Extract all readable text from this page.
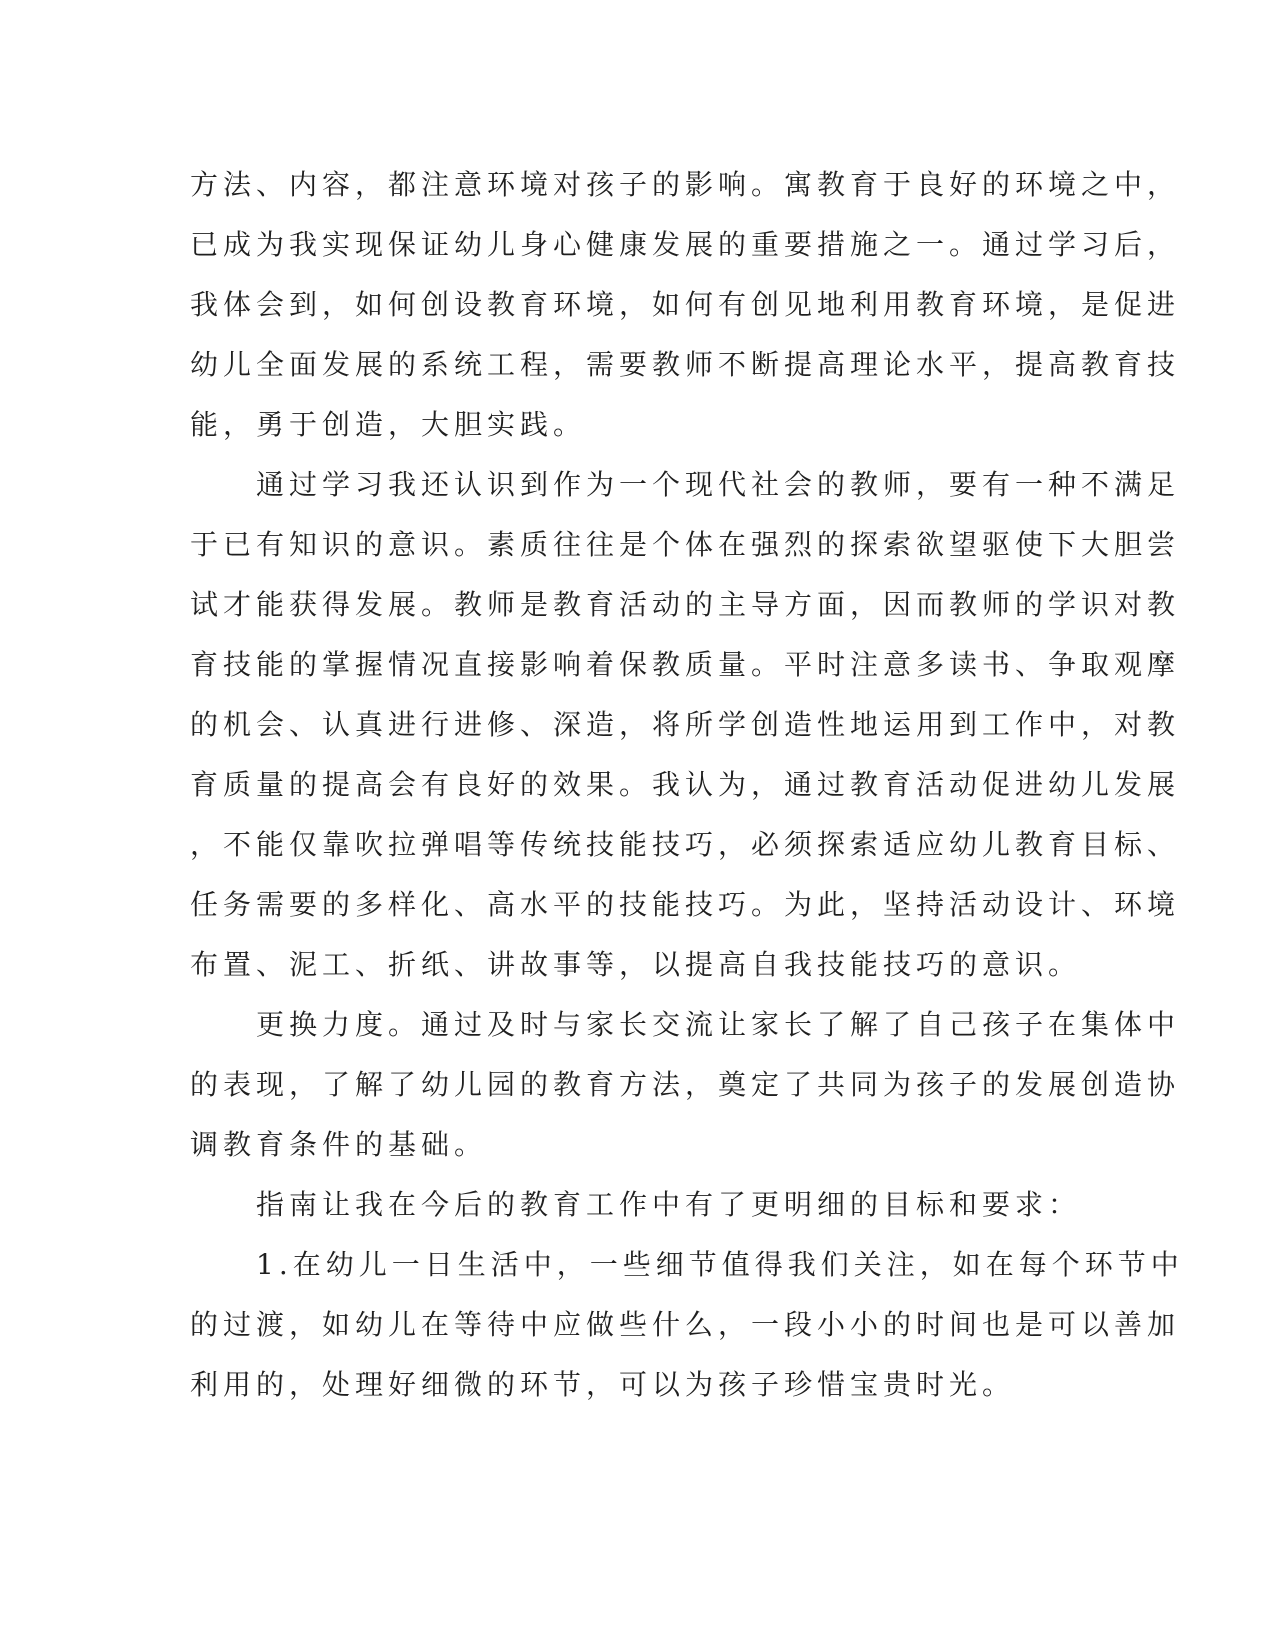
方法、内容，都注意环境对孩子的影响。寓教育于良好的环境之中，
已成为我实现保证幼儿身心健康发展的重要措施之一。通过学习后，
我体会到，如何创设教育环境，如何有创见地利用教育环境，是促进
幼儿全面发展的系统工程，需要教师不断提高理论水平，提高教育技
能，勇于创造，大胆实践。
通过学习我还认识到作为一个现代社会的教师，要有一种不满足
于已有知识的意识。素质往往是个体在强烈的探索欲望驱使下大胆尝
试才能获得发展。教师是教育活动的主导方面，因而教师的学识对教
育技能的掌握情况直接影响着保教质量。平时注意多读书、争取观摩
的机会、认真进行进修、深造，将所学创造性地运用到工作中，对教
育质量的提高会有良好的效果。我认为，通过教育活动促进幼儿发展
，不能仅靠吹拉弹唱等传统技能技巧，必须探索适应幼儿教育目标、
任务需要的多样化、高水平的技能技巧。为此，坚持活动设计、环境
布置、泥工、折纸、讲故事等，以提高自我技能技巧的意识。
更换力度。通过及时与家长交流让家长了解了自己孩子在集体中
的表现，了解了幼儿园的教育方法，奠定了共同为孩子的发展创造协
调教育条件的基础。
指南让我在今后的教育工作中有了更明细的目标和要求：
1.在幼儿一日生活中，一些细节值得我们关注，如在每个环节中
的过渡，如幼儿在等待中应做些什么，一段小小的时间也是可以善加
利用的，处理好细微的环节，可以为孩子珍惜宝贵时光。
